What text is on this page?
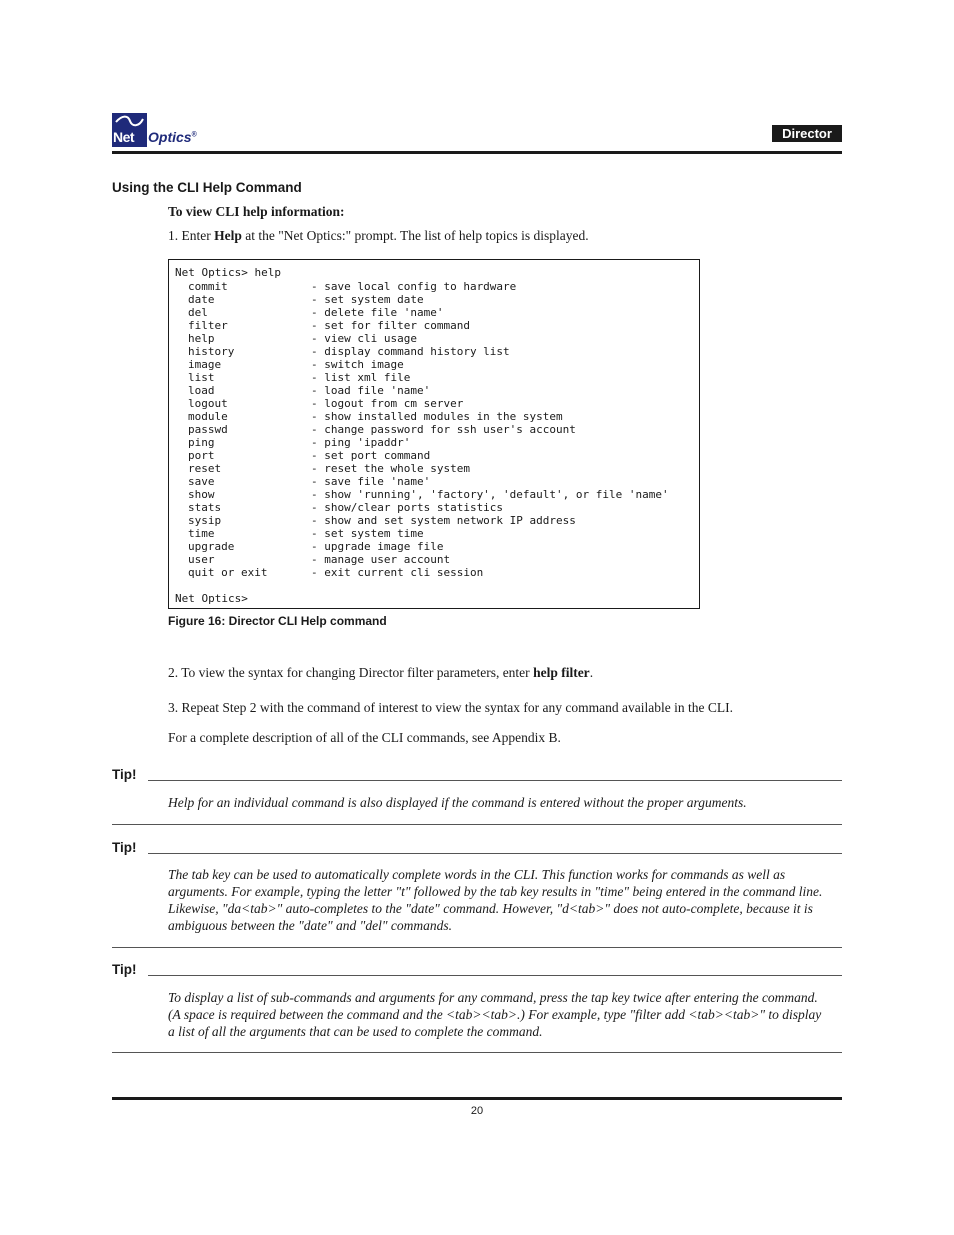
Net Optics®	Director
Using the CLI Help Command
To view CLI help information:
1. Enter Help at the "Net Optics:" prompt. The list of help topics is displayed.
Net Optics> help
commit	- save local config to hardware
date	- set system date
del	- delete file 'name'
filter	- set for filter command
help	- view cli usage
history	- display command history list
image	- switch image
list	- list xml file
load	- load file 'name'
logout	- logout from cm server
module	- show installed modules in the system
passwd	- change password for ssh user's account
ping	- ping 'ipaddr'
port	- set port command
reset	- reset the whole system
save	- save file 'name'
show	- show 'running', 'factory', 'default', or file 'name'
stats	- show/clear ports statistics
sysip	- show and set system network IP address
time	- set system time
upgrade	- upgrade image file
user	- manage user account
quit or exit	- exit current cli session
Net Optics>
Figure 16: Director CLI Help command
2. To view the syntax for changing Director filter parameters, enter help filter.
3. Repeat Step 2 with the command of interest to view the syntax for any command available in the CLI.
For a complete description of all of the CLI commands, see Appendix B.
Tip!
Help for an individual command is also displayed if the command is entered without the proper arguments.
Tip!
The tab key can be used to automatically complete words in the CLI. This function works for commands as well as arguments. For example, typing the letter "t" followed by the tab key results in "time" being entered in the command line. Likewise, "da<tab>" auto-completes to the "date" command. However, "d<tab>" does not auto-complete, because it is ambiguous between the "date" and "del" commands.
Tip!
To display a list of sub-commands and arguments for any command, press the tap key twice after entering the command. (A space is required between the command and the <tab><tab>.) For example, type "filter add <tab><tab>" to display a list of all the arguments that can be used to complete the command.
20
